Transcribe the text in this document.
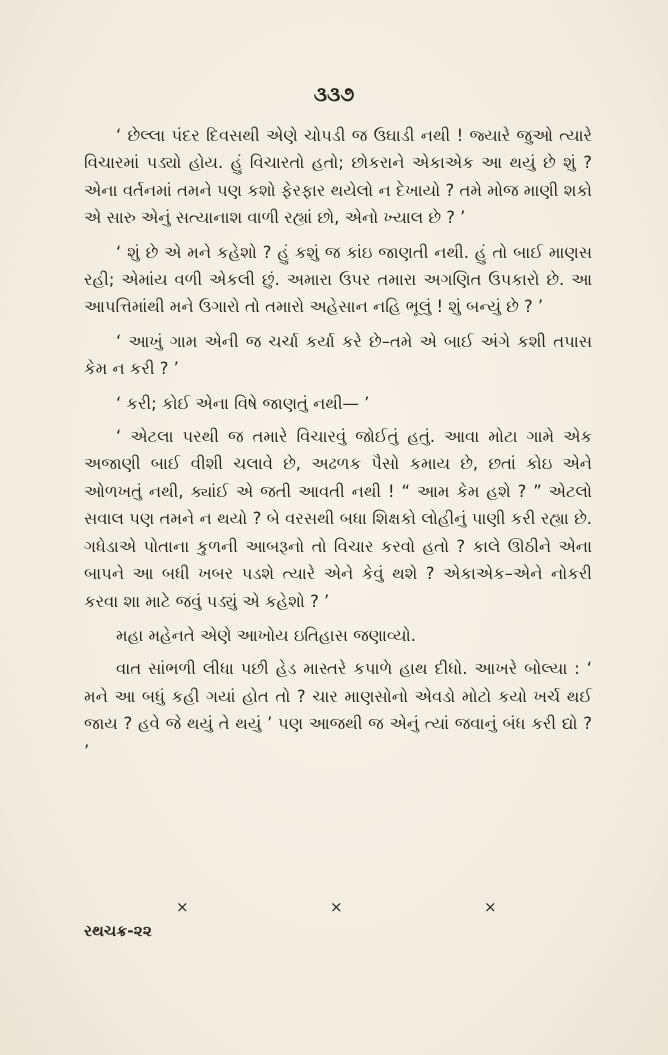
૩૩૭

‘ છેલ્લા પંદર દિવસથી એણે ચોપડી જ ઉઘાડી નથી ! જ્યારે જુઓ ત્યારે વિચારમાં પડ્યો હોય. હું વિચારતો હતો; છોકરાને એકાએક આ થયું છે શું ? એના વર્તનમાં તમને પણ કશો ફેરફાર થયેલો ન દેખાયો ? તમે મોજ માણી શકો એ સારુ એનું સત્યાનાશ વાળી રહ્યાં છો, એનો ખ્યાલ છે ? ’

‘ શું છે એ મને કહેશો ? હું કશું જ કાંઇ જાણતી નથી. હું તો બાઈ માણસ રહી; એમાંય વળી એકલી છું. અમારા ઉપર તમારા અગણિત ઉપકારો છે. આ આપત્તિમાંથી મને ઉગારો તો તમારો અહેસાન નહિ ભૂલું ! શું બન્યું છે ? ’

‘ આખું ગામ એની જ ચર્ચા કર્યા કરે છે–તમે એ બાઈ અંગે કશી તપાસ કેમ ન કરી ? ’

‘ કરી; કોઈ એના વિષે જાણતું નથી— ’

‘ એટલા પરથી જ તમારે વિચારવું જોઈતું હતું. આવા મોટા ગામે એક અજાણી બાઈ વીશી ચલાવે છે, અઢળક પૈસો કમાય છે, છતાં કોઇ એને ઓળખતું નથી, ક્યાંઈ એ જતી આવતી નથી ! “ આમ કેમ હશે ? ” એટલો સવાલ પણ તમને ન થયો ? બે વરસથી બધા શિક્ષકો લોહીનું પાણી કરી રહ્યા છે. ગધેડાએ પોતાના કુળની આબરૂનો તો વિચાર કરવો હતો ? કાલે ઊઠીને એના બાપને આ બધી ખબર પડશે ત્યારે એને કેવું થશે ? એકાએક–એને નોકરી કરવા શા માટે જવું પડ્યું એ કહેશો ? ’

મહા મહેનતે એણે આખોય ઇતિહાસ જણાવ્યો.

વાત સાંભળી લીધા પછી હેડ માસ્તરે કપાળે હાથ દીધો. આખરે બોલ્યા : ‘ મને આ બધું કહી ગયાં હોત તો ? ચાર માણસોનો એવડો મોટો કયો ખર્ચ થઈ જાય ? હવે જે થયું તે થયું ’ પણ આજથી જ એનું ત્યાં જવાનું બંધ કરી દ્યો ? ’

×	×	×
રથચક્ર-૨૨
